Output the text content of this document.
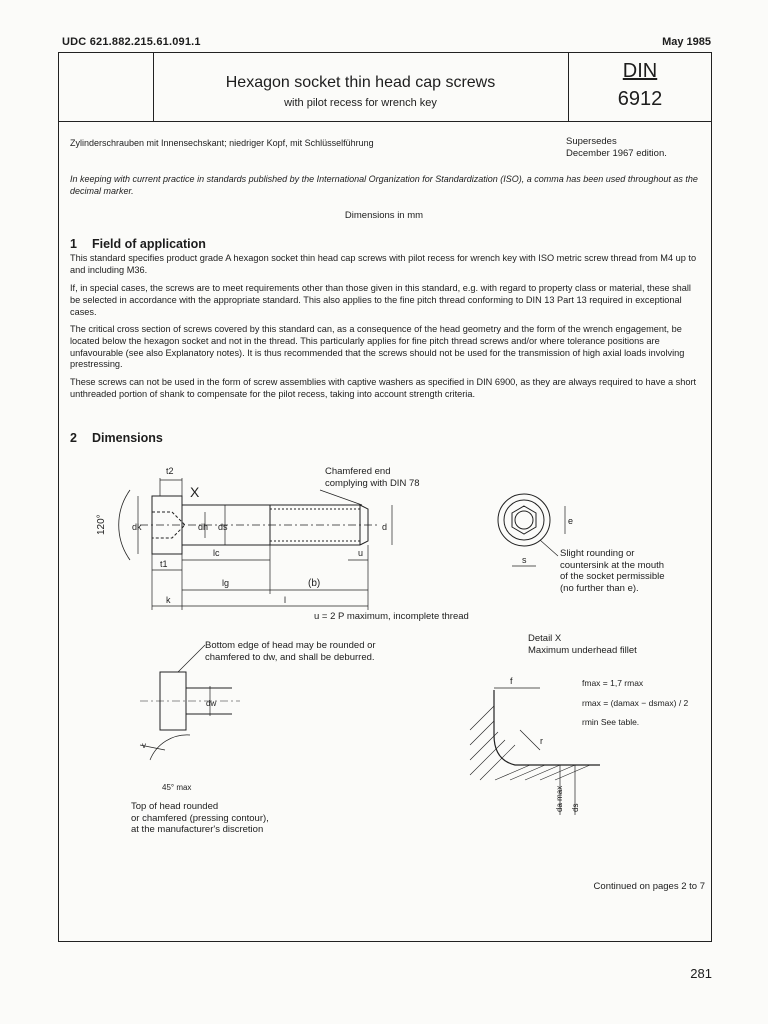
UDC 621.882.215.61.091.1	May 1985
Hexagon socket thin head cap screws
with pilot recess for wrench key
DIN
6912
Zylinderschrauben mit Innensechskant; niedriger Kopf, mit Schlüsselführung	Supersedes
December 1967 edition.
In keeping with current practice in standards published by the International Organization for Standardization (ISO), a comma has been used throughout as the decimal marker.
Dimensions in mm
1 Field of application
This standard specifies product grade A hexagon socket thin head cap screws with pilot recess for wrench key with ISO metric screw thread from M4 up to and including M36.
If, in special cases, the screws are to meet requirements other than those given in this standard, e.g. with regard to property class or material, these shall be selected in accordance with the appropriate standard. This also applies to the fine pitch thread conforming to DIN 13 Part 13 required in exceptional cases.
The critical cross section of screws covered by this standard can, as a consequence of the head geometry and the form of the wrench engagement, be located below the hexagon socket and not in the thread. This particularly applies for fine pitch thread screws and/or where tolerance positions are unfavourable (see also Explanatory notes). It is thus recommended that the screws should not be used for the transmission of high axial loads involving prestressing.
These screws can not be used in the form of screw assemblies with captive washers as specified in DIN 6900, as they are always required to have a short unthreaded portion of shank to compensate for the pilot recess, taking into account strength criteria.
2 Dimensions
120°
t2
X
dk	dh ds	d
t1
lc	u
lg	(b)
k	l
e
s
dw
v
45° max
f
r
da max ds
Chamfered end
complying with DIN 78
Slight rounding or
countersink at the mouth
of the socket permissible
(no further than e).
u = 2 P maximum, incomplete thread
Bottom edge of head may be rounded or
chamfered to dw, and shall be deburred.
Detail X
Maximum underhead fillet
fmax = 1,7 rmax
rmax = (damax − dsmax) / 2
rmin See table.
Top of head rounded
or chamfered (pressing contour),
at the manufacturer's discretion
Continued on pages 2 to 7
281
